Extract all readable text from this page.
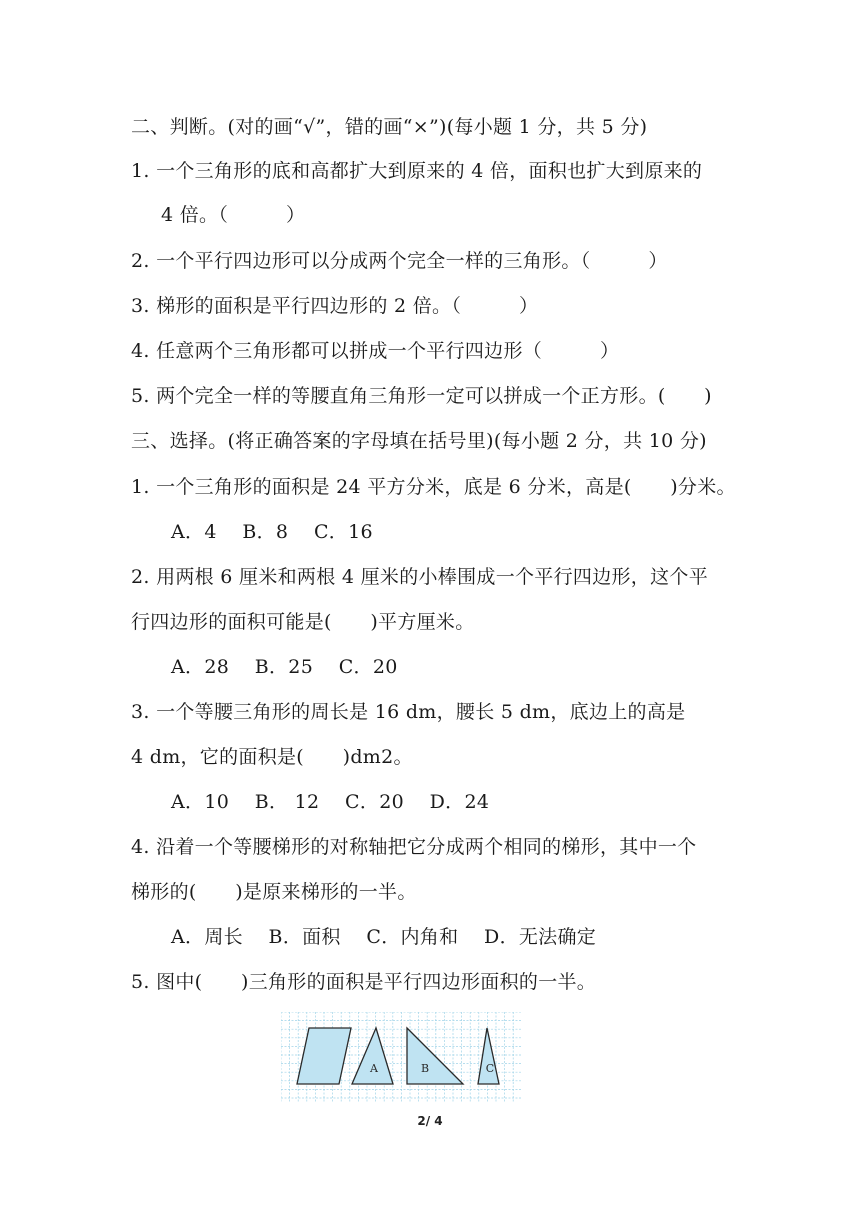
二、判断。(对的画“√”，错的画“×”)(每小题 1 分，共 5 分)
1. 一个三角形的底和高都扩大到原来的 4 倍，面积也扩大到原来的
4 倍。（　　　）
2. 一个平行四边形可以分成两个完全一样的三角形。（　　　）
3. 梯形的面积是平行四边形的 2 倍。（　　　）
4. 任意两个三角形都可以拼成一个平行四边形（　　　）
5. 两个完全一样的等腰直角三角形一定可以拼成一个正方形。(　　)
三、选择。(将正确答案的字母填在括号里)(每小题 2 分，共 10 分)
1. 一个三角形的面积是 24 平方分米，底是 6 分米，高是(　　)分米。
A．4　 B．8　 C．16
2. 用两根 6 厘米和两根 4 厘米的小棒围成一个平行四边形，这个平
行四边形的面积可能是(　　)平方厘米。
A．28　 B．25　 C．20
3. 一个等腰三角形的周长是 16 dm，腰长 5 dm，底边上的高是
4 dm，它的面积是(　　)dm2。
A．10　 B． 12　 C．20　 D．24
4. 沿着一个等腰梯形的对称轴把它分成两个相同的梯形，其中一个
梯形的(　　)是原来梯形的一半。
A．周长　 B．面积　 C．内角和　 D．无法确定
5. 图中(　　)三角形的面积是平行四边形面积的一半。
A	B	C
2/ 4
